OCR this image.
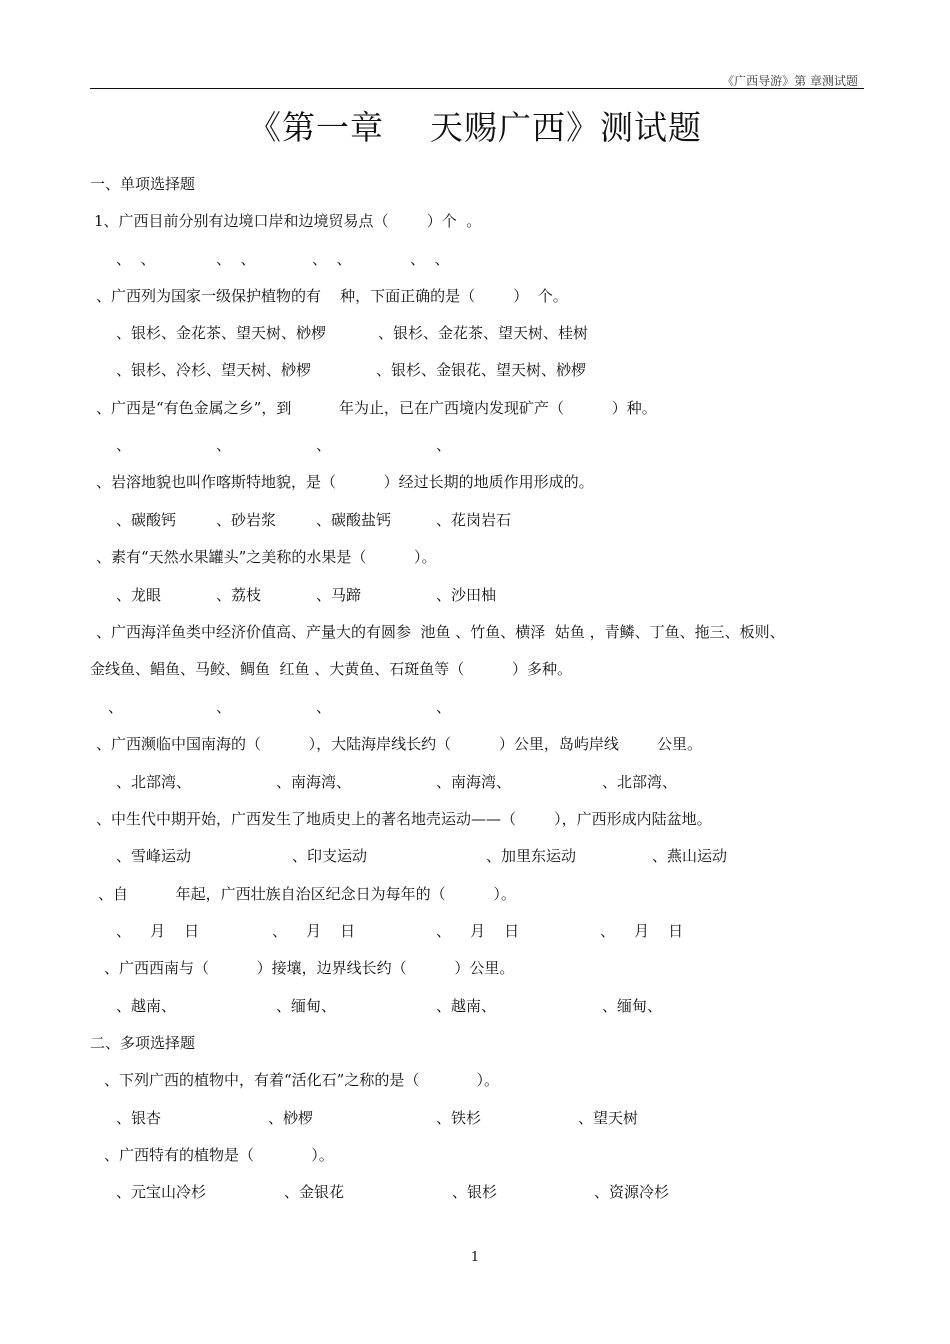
《广西导游》第 章测试题
《第一章    天赐广西》测试题

一、单项选择题

1、广西目前分别有边境口岸和边境贸易点（        ）个  。

、  、

	、  、

	、  、

	、  、

、广西列为国家一级保护植物的有    种，下面正确的是（        ）  个。

、银杉、金花茶、望天树、桫椤

	、银杉、金花茶、望天树、桂树

、银杉、冷杉、望天树、桫椤

	、银杉、金银花、望天树、桫椤

、广西是“有色金属之乡”，到          年为止，已在广西境内发现矿产（          ）种。

、

	、

	、

	、

、岩溶地貌也叫作喀斯特地貌，是（          ）经过长期的地质作用形成的。

、碳酸钙

	、砂岩浆

	、碳酸盐钙

	、花岗岩石

、素有“天然水果罐头”之美称的水果是（          ）。

、龙眼

	、荔枝

	、马蹄

	、沙田柚

、广西海洋鱼类中经济价值高、产量大的有圆参  池鱼 、竹鱼、横泽  姑鱼 ，青鳞、丁鱼、拖三、板则、

金线鱼、鲳鱼、马鲛、鲷鱼  红鱼 、大黄鱼、石斑鱼等（          ）多种。

、

	、

	、

	、

、广西濒临中国南海的（          ），大陆海岸线长约（          ）公里，岛屿岸线        公里。

、北部湾、

	、南海湾、

	、南海湾、

	、北部湾、

、中生代中期开始，广西发生了地质史上的著名地壳运动——（        ），广西形成内陆盆地。

、雪峰运动

	、印支运动

	、加里东运动

	、燕山运动

、自          年起，广西壮族自治区纪念日为每年的（          ）。

、    月    日

	、    月    日

	、    月    日

	、    月    日

、广西西南与（          ）接壤，边界线长约（          ）公里。

、越南、

	、缅甸、

	、越南、

	、缅甸、

二、多项选择题

、下列广西的植物中，有着“活化石”之称的是（            ）。

、银杏

	、桫椤

	、铁杉

	、望天树

、广西特有的植物是（            ）。

、元宝山冷杉

	、金银花

	、银杉

	、资源冷杉

1
